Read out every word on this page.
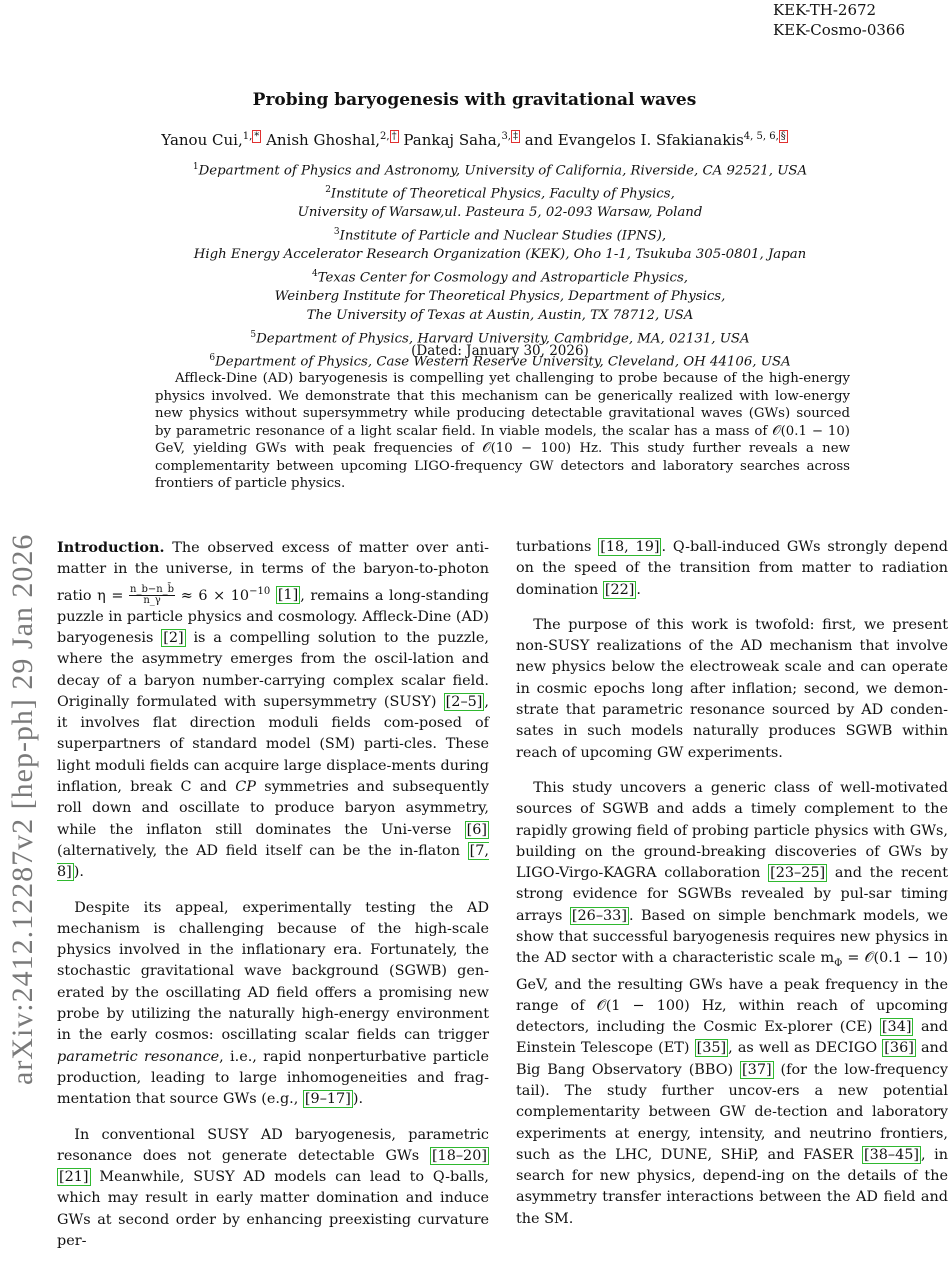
KEK-TH-2672
KEK-Cosmo-0366
arXiv:2412.12287v2 [hep-ph] 29 Jan 2026
Probing baryogenesis with gravitational waves
Yanou Cui,$^{1, *}$ Anish Ghoshal,$^{2, \dagger}$ Pankaj Saha,$^{3, \ddagger}$ and Evangelos I. Sfakianakis$^{4, 5, 6, \S}$
$^1$Department of Physics and Astronomy, University of California, Riverside, CA 92521, USA
$^2$Institute of Theoretical Physics, Faculty of Physics,
University of Warsaw,ul. Pasteura 5, 02-093 Warsaw, Poland
$^3$Institute of Particle and Nuclear Studies (IPNS),
High Energy Accelerator Research Organization (KEK), Oho 1-1, Tsukuba 305-0801, Japan
$^4$Texas Center for Cosmology and Astroparticle Physics,
Weinberg Institute for Theoretical Physics, Department of Physics,
The University of Texas at Austin, Austin, TX 78712, USA
$^5$Department of Physics, Harvard University, Cambridge, MA, 02131, USA
$^6$Department of Physics, Case Western Reserve University, Cleveland, OH 44106, USA
(Dated: January 30, 2026)
Affleck-Dine (AD) baryogenesis is compelling yet challenging to probe because of the high-energy physics involved. We demonstrate that this mechanism can be generically realized with low-energy new physics without supersymmetry while producing detectable gravitational waves (GWs) sourced by parametric resonance of a light scalar field. In viable models, the scalar has a mass of 𝒪(0.1 − 10) GeV, yielding GWs with peak frequencies of 𝒪(10 − 100) Hz. This study further reveals a new complementarity between upcoming LIGO-frequency GW detectors and laboratory searches across frontiers of particle physics.

Introduction. The observed excess of matter over anti-matter in the universe, in terms of the baryon-to-photon ratio $\eta = \frac{n\_b-n\_b̄}{n\_\gamma} \approx 6 \times 10^{-10}$ [1] , remains a long-standing puzzle in particle physics and cosmology. Affleck-Dine (AD) baryogenesis [2] is a compelling solution to the puzzle, where the asymmetry emerges from the oscil-lation and decay of a baryon number-carrying complex scalar field. Originally formulated with supersymmetry (SUSY) [2–5] , it involves flat direction moduli fields com-posed of superpartners of standard model (SM) parti-cles. These light moduli fields can acquire large displace-ments during inflation, break C and CP symmetries and subsequently roll down and oscillate to produce baryon asymmetry, while the inflaton still dominates the Uni-verse [6] (alternatively, the AD field itself can be the in-flaton [7, 8] ).

Despite its appeal, experimentally testing the AD mechanism is challenging because of the high-scale physics involved in the inflationary era. Fortunately, the stochastic gravitational wave background (SGWB) gen-erated by the oscillating AD field offers a promising new probe by utilizing the naturally high-energy environment in the early cosmos: oscillating scalar fields can trigger parametric resonance, i.e., rapid nonperturbative particle production, leading to large inhomogeneities and frag-mentation that source GWs (e.g., [9–17] ).

In conventional SUSY AD baryogenesis, parametric resonance does not generate detectable GWs [18–20] [21] Meanwhile, SUSY AD models can lead to Q-balls, which may result in early matter domination and induce GWs at second order by enhancing preexisting curvature per-

turbations [18, 19] . Q-ball-induced GWs strongly depend on the speed of the transition from matter to radiation domination [22] .

The purpose of this work is twofold: first, we present non-SUSY realizations of the AD mechanism that involve new physics below the electroweak scale and can operate in cosmic epochs long after inflation; second, we demon-strate that parametric resonance sourced by AD conden-sates in such models naturally produces SGWB within reach of upcoming GW experiments.

This study uncovers a generic class of well-motivated sources of SGWB and adds a timely complement to the rapidly growing field of probing particle physics with GWs, building on the ground-breaking discoveries of GWs by LIGO-Virgo-KAGRA collaboration [23–25] and the recent strong evidence for SGWBs revealed by pul-sar timing arrays [26–33] . Based on simple benchmark models, we show that successful baryogenesis requires new physics in the AD sector with a characteristic scale $m_\Phi$ = 𝒪(0.1 − 10) GeV, and the resulting GWs have a peak frequency in the range of 𝒪(1 − 100) Hz, within reach of upcoming detectors, including the Cosmic Ex-plorer (CE) [34] and Einstein Telescope (ET) [35] , as well as DECIGO [36] and Big Bang Observatory (BBO) [37] (for the low-frequency tail). The study further uncov-ers a new potential complementarity between GW de-tection and laboratory experiments at energy, intensity, and neutrino frontiers, such as the LHC, DUNE, SHiP, and FASER [38–45] , in search for new physics, depend-ing on the details of the asymmetry transfer interactions between the AD field and the SM.
